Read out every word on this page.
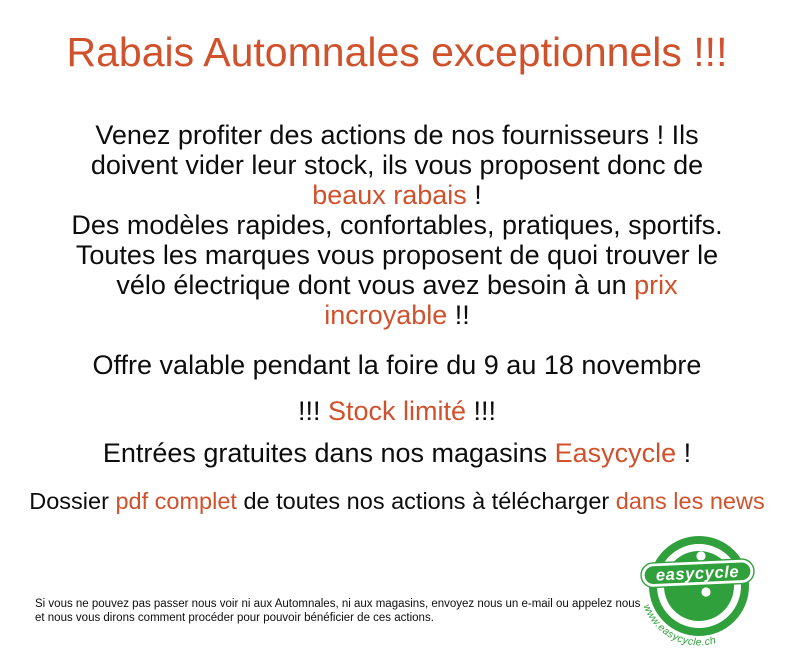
Rabais Automnales exceptionnels !!!
Venez profiter des actions de nos fournisseurs ! Ils
doivent vider leur stock, ils vous proposent donc de
beaux rabais !
Des modèles rapides, confortables, pratiques, sportifs.
Toutes les marques vous proposent de quoi trouver le
vélo électrique dont vous avez besoin à un prix
incroyable !!
Offre valable pendant la foire du 9 au 18 novembre
!!! Stock limité !!!
Entrées gratuites dans nos magasins Easycycle !
Dossier pdf complet de toutes nos actions à télécharger dans les news
Si vous ne pouvez pas passer nous voir ni aux Automnales, ni aux magasins, envoyez nous un e-mail ou appelez nous
et nous vous dirons comment procéder pour pouvoir bénéficier de ces actions.
easycycle
www.easycycle.ch
